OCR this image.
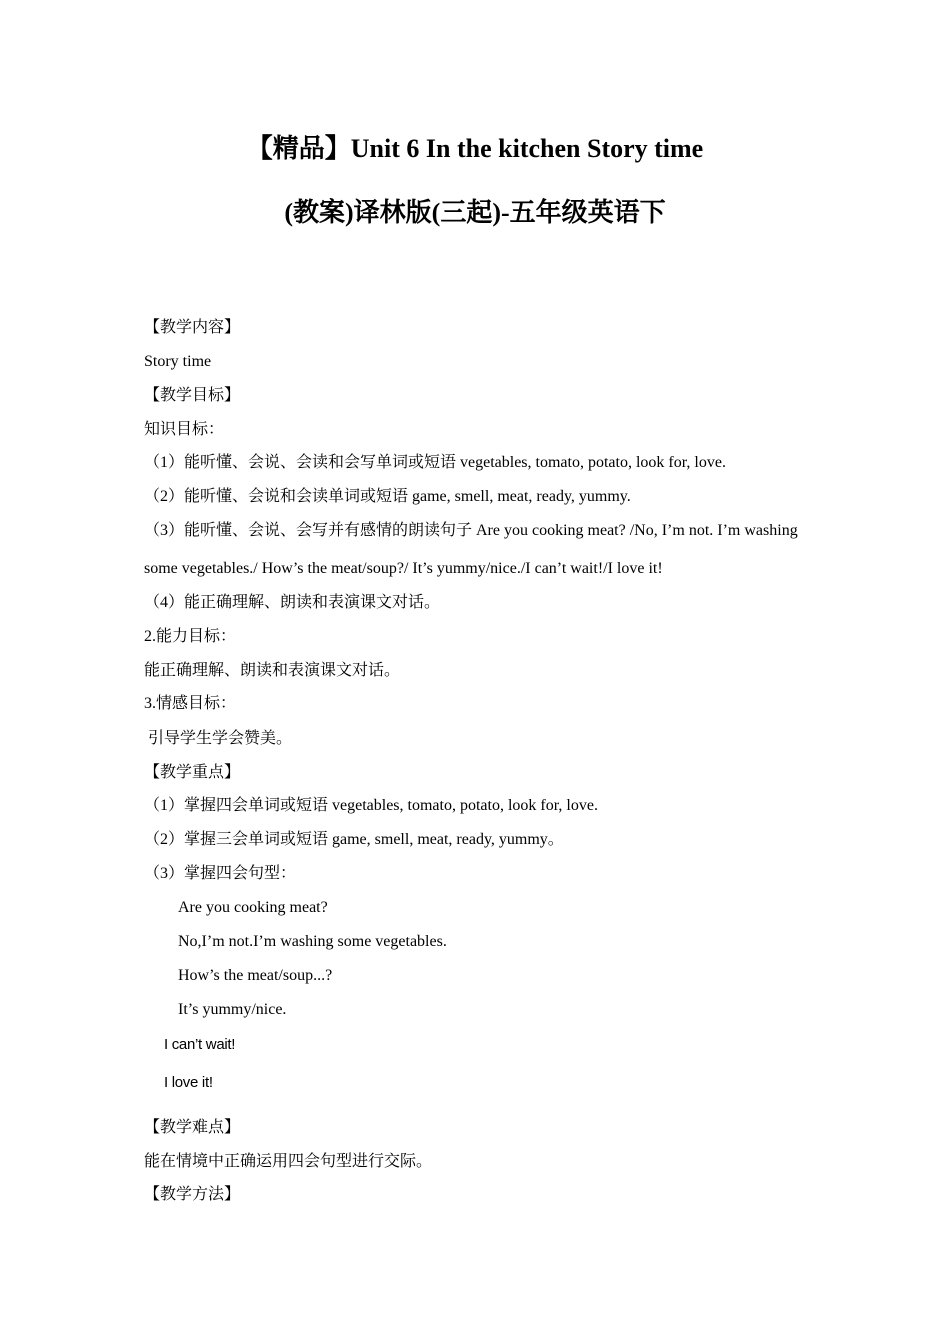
【精品】Unit 6 In the kitchen Story time
(教案)译林版(三起)-五年级英语下
【教学内容】
Story time
【教学目标】
知识目标：
（1）能听懂、会说、会读和会写单词或短语 vegetables, tomato, potato, look for, love.
（2）能听懂、会说和会读单词或短语 game, smell, meat, ready, yummy.
（3）能听懂、会说、会写并有感情的朗读句子 Are you cooking meat? /No, I’m not. I’m washing
some vegetables./ How’s the meat/soup?/ It’s yummy/nice./I can’t wait!/I love it!
（4）能正确理解、朗读和表演课文对话。
2.能力目标：
能正确理解、朗读和表演课文对话。
3.情感目标：
引导学生学会赞美。
【教学重点】
（1）掌握四会单词或短语 vegetables, tomato, potato, look for, love.
（2）掌握三会单词或短语 game, smell, meat, ready, yummy。
（3）掌握四会句型：
Are you cooking meat?
No,I’m not.I’m washing some vegetables.
How’s the meat/soup...?
It’s yummy/nice.
I can’t wait!
I love it!
【教学难点】
能在情境中正确运用四会句型进行交际。
【教学方法】
